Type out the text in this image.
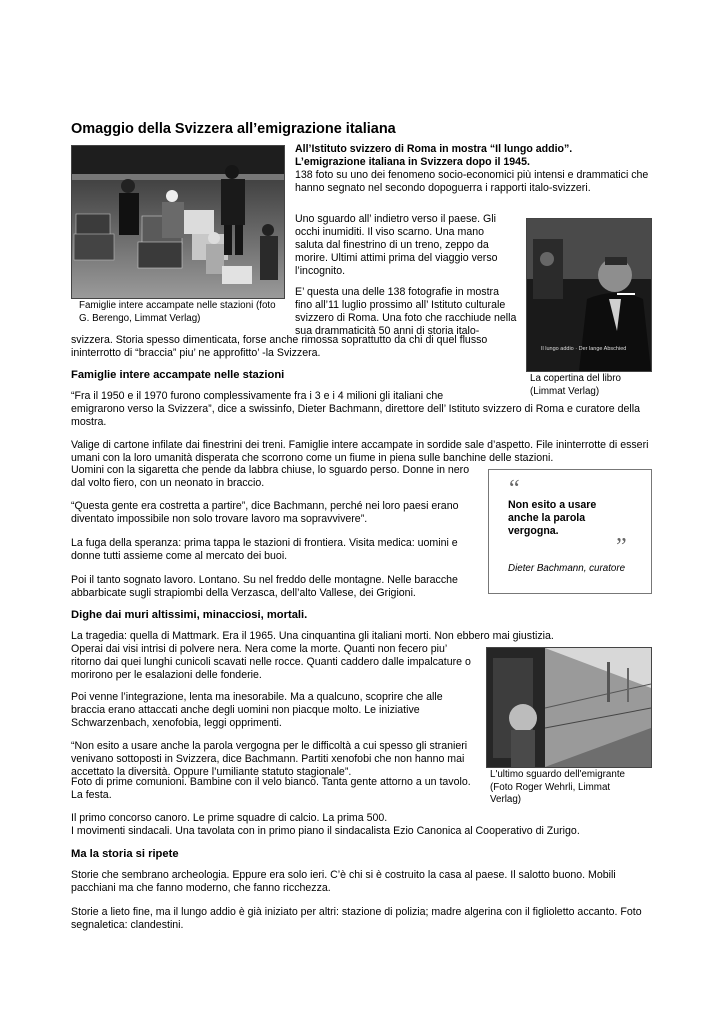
Omaggio della Svizzera all’emigrazione italiana

Famiglie intere accampate nelle stazioni (foto G. Berengo, Limmat Verlag)

All’Istituto svizzero di Roma in mostra “Il lungo addio”.

L’emigrazione italiana in Svizzera dopo il 1945.

138 foto su uno dei fenomeno socio-economici più intensi e drammatici che hanno segnato nel secondo dopoguerra i rapporti italo-svizzeri.

Uno sguardo all’ indietro verso il paese. Gli occhi inumiditi. Il viso scarno. Una mano saluta dal finestrino di un treno, zeppo da morire. Ultimi attimi prima del viaggio verso l’incognito.

E’ questa una delle 138 fotografie in mostra fino all’11 luglio prossimo all’ Istituto culturale svizzero di Roma. Una foto che racchiude nella sua drammaticità 50 anni di storia italo-

svizzera. Storia spesso dimenticata, forse anche rimossa soprattutto da chi di quel flusso ininterrotto di “braccia” piu’ ne approfitto’ -la Svizzera.	Il lungo addio · Der lange Abschied

La copertina del libro (Limmat Verlag)

Famiglie intere accampate nelle stazioni

“Fra il 1950 e il 1970 furono complessivamente fra i 3 e i 4 milioni gli italiani che

emigrarono verso la Svizzera”, dice a swissinfo, Dieter Bachmann, direttore dell’ Istituto svizzero di Roma e curatore della mostra.

Valige di cartone infilate dai finestrini dei treni. Famiglie intere accampate in sordide sale d’aspetto. File ininterrotte di esseri umani con la loro umanità disperata che scorrono come un fiume in piena sulle banchine delle stazioni.

Uomini con la sigaretta che pende da labbra chiuse, lo sguardo perso. Donne in nero dal volto fiero, con un neonato in braccio.

“Questa gente era costretta a partire”, dice Bachmann, perché nei loro paesi erano diventato impossibile non solo trovare lavoro ma sopravvivere”.

La fuga della speranza: prima tappa le stazioni di frontiera. Visita medica: uomini e donne tutti assieme come al mercato dei buoi.

Poi il tanto sognato lavoro. Lontano. Su nel freddo delle montagne. Nelle baracche abbarbicate sugli strapiombi della Verzasca, dell’alto Vallese, dei Grigioni.

“
Non esito a usare anche la parola vergogna.
”
Dieter Bachmann, curatore
Dighe dai muri altissimi, minacciosi, mortali.

La tragedia: quella di Mattmark. Era il 1965. Una cinquantina gli italiani morti. Non ebbero mai giustizia.

Operai dai visi intrisi di polvere nera. Nera come la morte. Quanti non fecero piu’ ritorno dai quei lunghi cunicoli scavati nelle rocce. Quanti caddero dalle impalcature o morirono per le esalazioni delle fonderie.

Poi venne l’integrazione, lenta ma inesorabile. Ma a qualcuno, scoprire che alle braccia erano attaccati anche degli uomini non piacque molto. Le iniziative Schwarzenbach, xenofobia, leggi opprimenti.

“Non esito a usare anche la parola vergogna per le difficoltà a cui spesso gli stranieri venivano sottoposti in Svizzera, dice Bachmann. Partiti xenofobi che non hanno mai accettato la diversità. Oppure l’umiliante statuto stagionale”.

Foto di prime comunioni. Bambine con il velo bianco. Tanta gente attorno a un tavolo. La festa.

Il primo concorso canoro. Le prime squadre di calcio. La prima 500.

I movimenti sindacali. Una tavolata con in primo piano il sindacalista Ezio Canonica al Cooperativo di Zurigo.

L'ultimo sguardo dell'emigrante (Foto Roger Wehrli, Limmat Verlag)

Ma la storia si ripete

Storie che sembrano archeologia. Eppure era solo ieri. C’è chi si è costruito la casa al paese. Il salotto buono. Mobili pacchiani ma che fanno moderno, che fanno ricchezza.

Storie a lieto fine, ma il lungo addio è già iniziato per altri: stazione di polizia; madre algerina con il figlioletto accanto. Foto segnaletica: clandestini.
